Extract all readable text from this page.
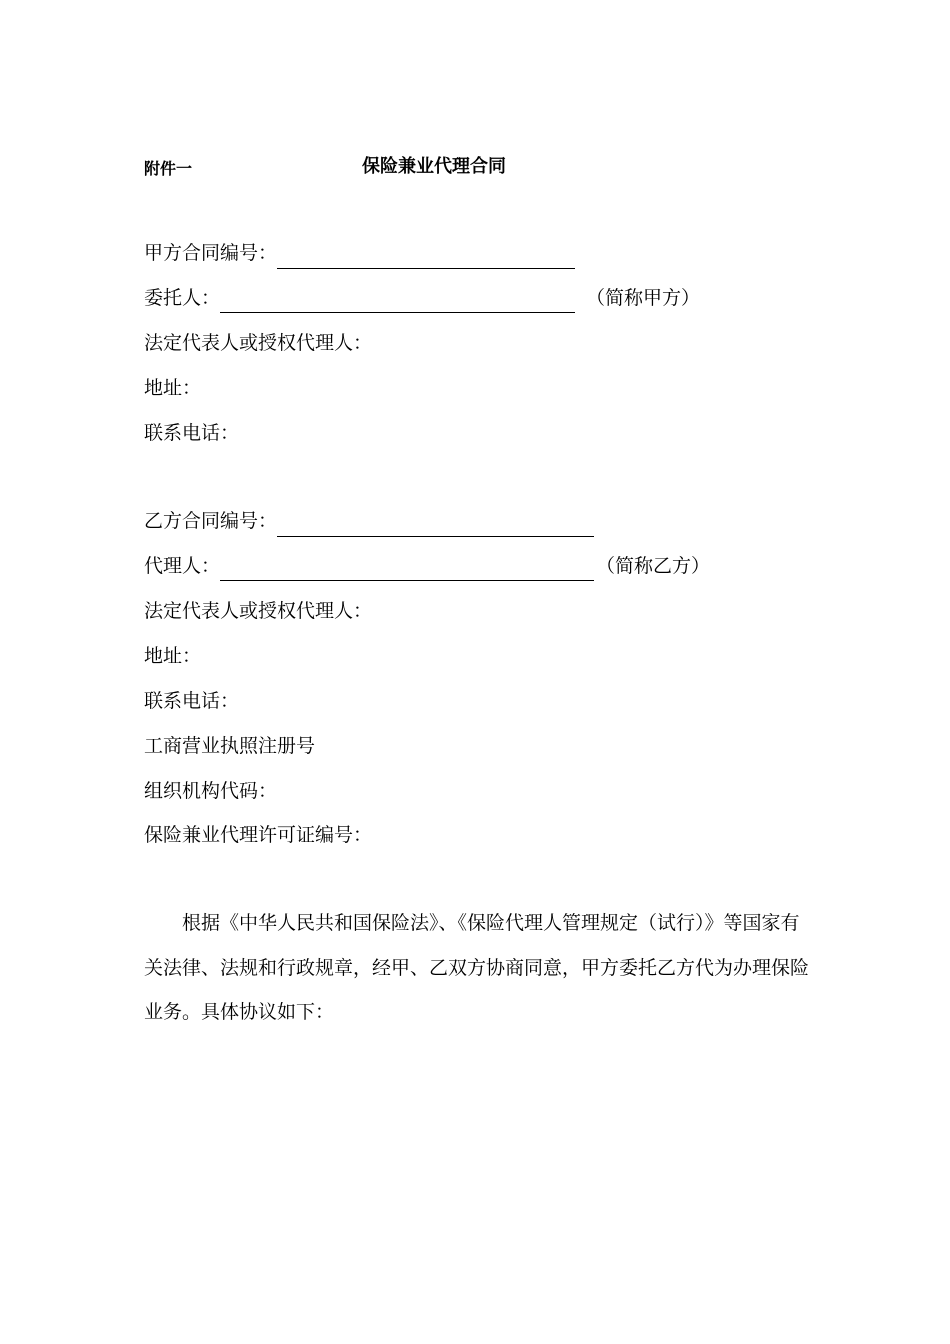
附件一	保险兼业代理合同
甲方合同编号：
委托人：	（简称甲方）
法定代表人或授权代理人：
地址：
联系电话：
乙方合同编号：
代理人：	（简称乙方）
法定代表人或授权代理人：
地址：
联系电话：
工商营业执照注册号
组织机构代码：
保险兼业代理许可证编号：
根据《中华人民共和国保险法》、《保险代理人管理规定（试行）》等国家有
关法律、法规和行政规章，经甲、乙双方协商同意，甲方委托乙方代为办理保险
业务。具体协议如下：
